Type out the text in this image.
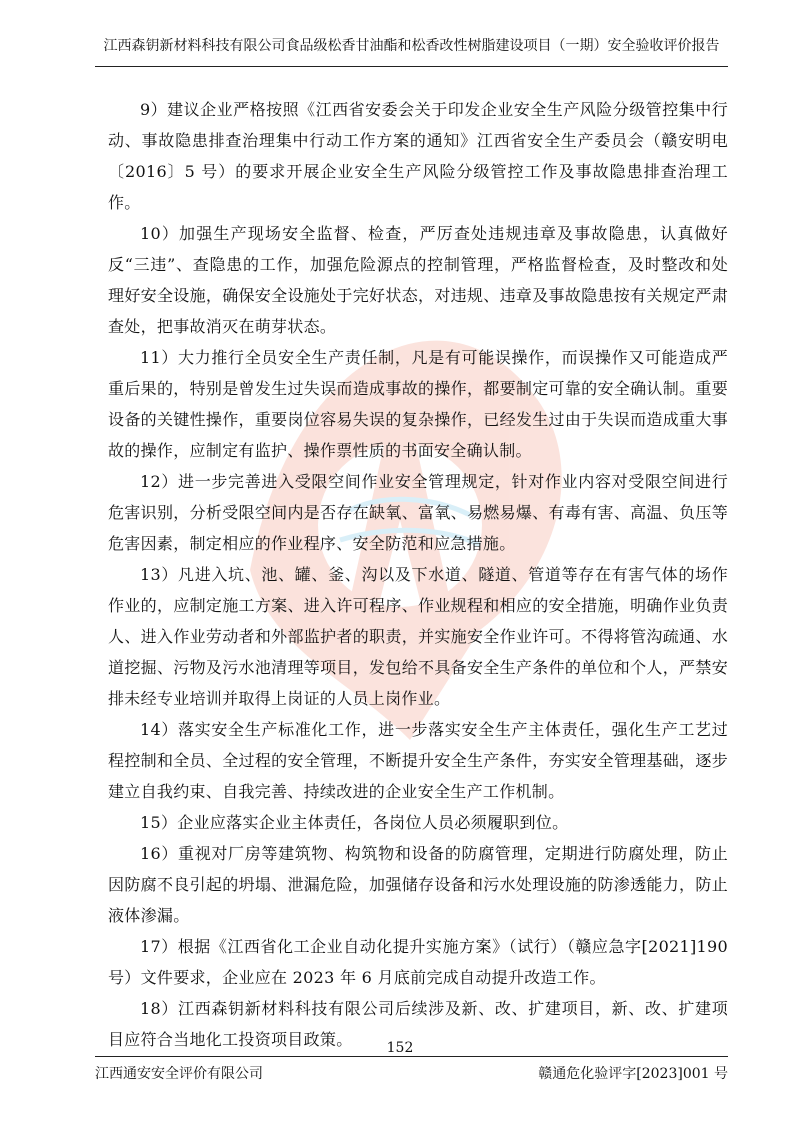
江西森钥新材料科技有限公司食品级松香甘油酯和松香改性树脂建设项目（一期）安全验收评价报告

9）建议企业严格按照《江西省安委会关于印发企业安全生产风险分级管控集中行动、事故隐患排查治理集中行动工作方案的通知》江西省安全生产委员会（赣安明电〔2016〕5 号）的要求开展企业安全生产风险分级管控工作及事故隐患排查治理工作。

10）加强生产现场安全监督、检查，严厉查处违规违章及事故隐患，认真做好反“三违”、查隐患的工作，加强危险源点的控制管理，严格监督检查，及时整改和处理好安全设施，确保安全设施处于完好状态，对违规、违章及事故隐患按有关规定严肃查处，把事故消灭在萌芽状态。

11）大力推行全员安全生产责任制，凡是有可能误操作，而误操作又可能造成严重后果的，特别是曾发生过失误而造成事故的操作，都要制定可靠的安全确认制。重要设备的关键性操作，重要岗位容易失误的复杂操作，已经发生过由于失误而造成重大事故的操作，应制定有监护、操作票性质的书面安全确认制。

12）进一步完善进入受限空间作业安全管理规定，针对作业内容对受限空间进行危害识别，分析受限空间内是否存在缺氧、富氧、易燃易爆、有毒有害、高温、负压等危害因素，制定相应的作业程序、安全防范和应急措施。

13）凡进入坑、池、罐、釜、沟以及下水道、隧道、管道等存在有害气体的场作作业的，应制定施工方案、进入许可程序、作业规程和相应的安全措施，明确作业负责人、进入作业劳动者和外部监护者的职责，并实施安全作业许可。不得将管沟疏通、水道挖掘、污物及污水池清理等项目，发包给不具备安全生产条件的单位和个人，严禁安排未经专业培训并取得上岗证的人员上岗作业。

14）落实安全生产标准化工作，进一步落实安全生产主体责任，强化生产工艺过程控制和全员、全过程的安全管理，不断提升安全生产条件，夯实安全管理基础，逐步建立自我约束、自我完善、持续改进的企业安全生产工作机制。

15）企业应落实企业主体责任，各岗位人员必须履职到位。

16）重视对厂房等建筑物、构筑物和设备的防腐管理，定期进行防腐处理，防止因防腐不良引起的坍塌、泄漏危险，加强储存设备和污水处理设施的防渗透能力，防止液体渗漏。

17）根据《江西省化工企业自动化提升实施方案》（试行）（赣应急字[2021]190 号）文件要求，企业应在 2023 年 6 月底前完成自动提升改造工作。

18）江西森钥新材料科技有限公司后续涉及新、改、扩建项目，新、改、扩建项目应符合当地化工投资项目政策。	152
江西通安安全评价有限公司	赣通危化验评字[2023]001 号
